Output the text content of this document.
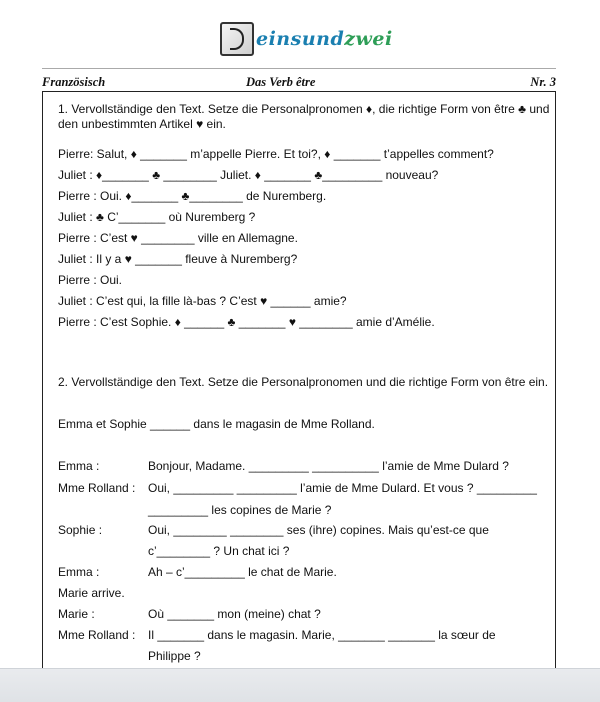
einsundzwei
Französisch	Das Verb être	Nr. 3
1. Vervollständige den Text. Setze die Personalpronomen ♦, die richtige Form von être ♣ und den unbestimmten Artikel ♥ ein.
Pierre: Salut, ♦ _______ m’appelle Pierre. Et toi?, ♦ _______ t’appelles comment?
Juliet : ♦_______ ♣ ________ Juliet. ♦ _______ ♣_________ nouveau?
Pierre : Oui. ♦_______ ♣________ de Nuremberg.
Juliet : ♣ C’_______ où Nuremberg ?
Pierre : C’est ♥ ________ ville en Allemagne.
Juliet : Il y a ♥ _______ fleuve à Nuremberg?
Pierre : Oui.
Juliet : C’est qui, la fille là-bas ? C’est ♥ ______ amie?
Pierre : C’est Sophie. ♦ ______ ♣ _______ ♥ ________ amie d’Amélie.
2. Vervollständige den Text. Setze die Personalpronomen und die richtige Form von être ein.
Emma et Sophie ______ dans le magasin de Mme Rolland.
Emma :	Bonjour, Madame. _________ __________ l’amie de Mme Dulard ?
Mme Rolland : Oui, _________ _________ l’amie de Mme Dulard. Et vous ? _________
_________ les copines de Marie ?
Sophie :	Oui, ________ ________ ses (ihre) copines. Mais qu’est-ce que
c’________ ? Un chat ici ?
Emma :	Ah – c’_________ le chat de Marie.
Marie arrive.
Marie :	Où _______ mon (meine) chat ?
Mme Rolland : Il _______ dans le magasin. Marie, _______ _______ la sœur de
Philippe ?
